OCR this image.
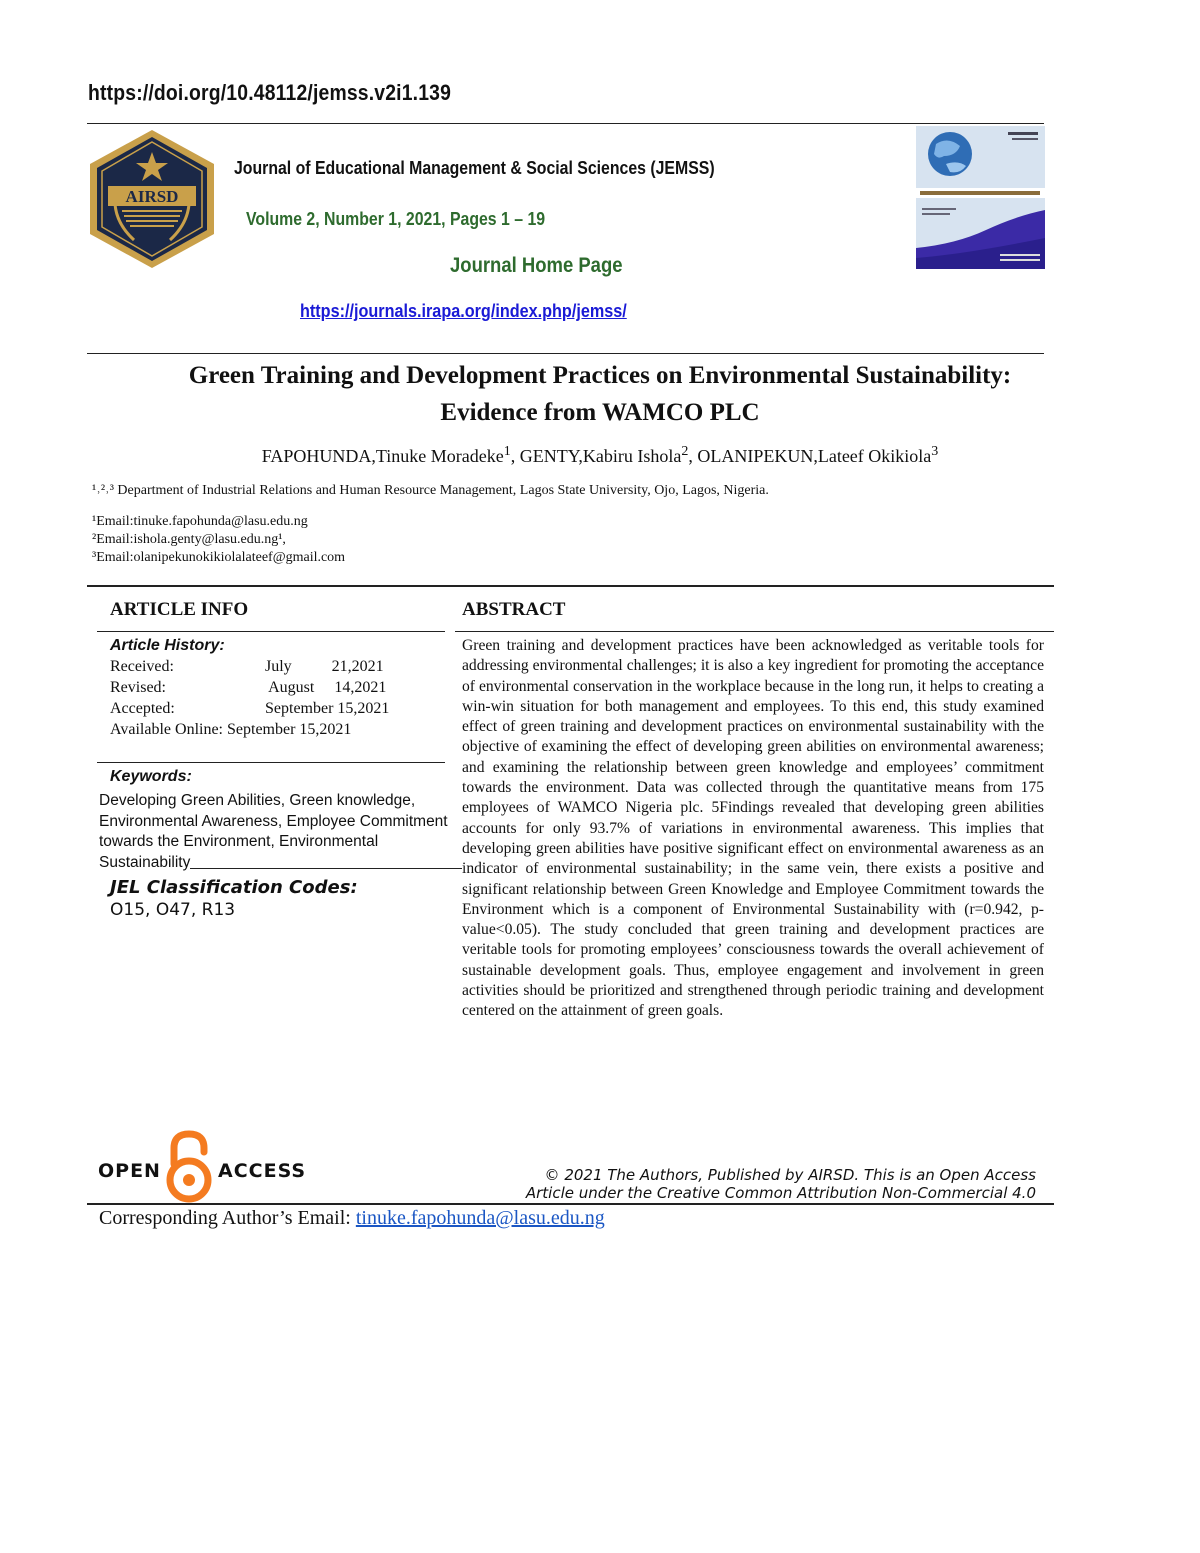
https://doi.org/10.48112/jemss.v2i1.139
AIRSD
Journal of Educational Management & Social Sciences (JEMSS)
Volume 2, Number 1, 2021, Pages 1 – 19
Journal Home Page
https://journals.irapa.org/index.php/jemss/
Green Training and Development Practices on Environmental Sustainability:
Evidence from WAMCO PLC
FAPOHUNDA,Tinuke Moradeke$^1$, GENTY,Kabiru Ishola$^2$, OLANIPEKUN,Lateef Okikiola$^3$
¹˒²˒³ Department of Industrial Relations and Human Resource Management, Lagos State University, Ojo, Lagos, Nigeria.
¹Email:tinuke.fapohunda@lasu.edu.ng
²Email:ishola.genty@lasu.edu.ng¹,
³Email:olanipekunokikiolalateef@gmail.com
ARTICLE INFO	ABSTRACT
Article History:
Received:	July          21,2021
Revised:	August     14,2021
Accepted:	September 15,2021
Available Online: September 15,2021
Keywords:
Developing Green Abilities, Green knowledge, Environmental Awareness, Employee Commitment towards the Environment, Environmental Sustainability
JEL Classification Codes:
O15, O47, R13
Green training and development practices have been acknowledged as veritable tools for addressing environmental challenges; it is also a key ingredient for promoting the acceptance of environmental conservation in the workplace because in the long run, it helps to creating a win-win situation for both management and employees. To this end, this study examined effect of green training and development practices on environmental sustainability with the objective of examining the effect of developing green abilities on environmental awareness; and examining the relationship between green knowledge and employees’ commitment towards the environment. Data was collected through the quantitative means from 175 employees of WAMCO Nigeria plc. 5Findings revealed that developing green abilities accounts for only 93.7% of variations in environmental awareness. This implies that developing green abilities have positive significant effect on environmental awareness as an indicator of environmental sustainability; in the same vein, there exists a positive and significant relationship between Green Knowledge and Employee Commitment towards the Environment which is a component of Environmental Sustainability with (r=0.942, p-value<0.05). The study concluded that green training and development practices are veritable tools for promoting employees’ consciousness towards the overall achievement of sustainable development goals. Thus, employee engagement and involvement in green activities should be prioritized and strengthened through periodic training and development centered on the attainment of green goals.
OPEN	ACCESS	© 2021 The Authors, Published by AIRSD. This is an Open Access
Article under the Creative Common Attribution Non-Commercial 4.0
Corresponding Author’s Email: tinuke.fapohunda@lasu.edu.ng
